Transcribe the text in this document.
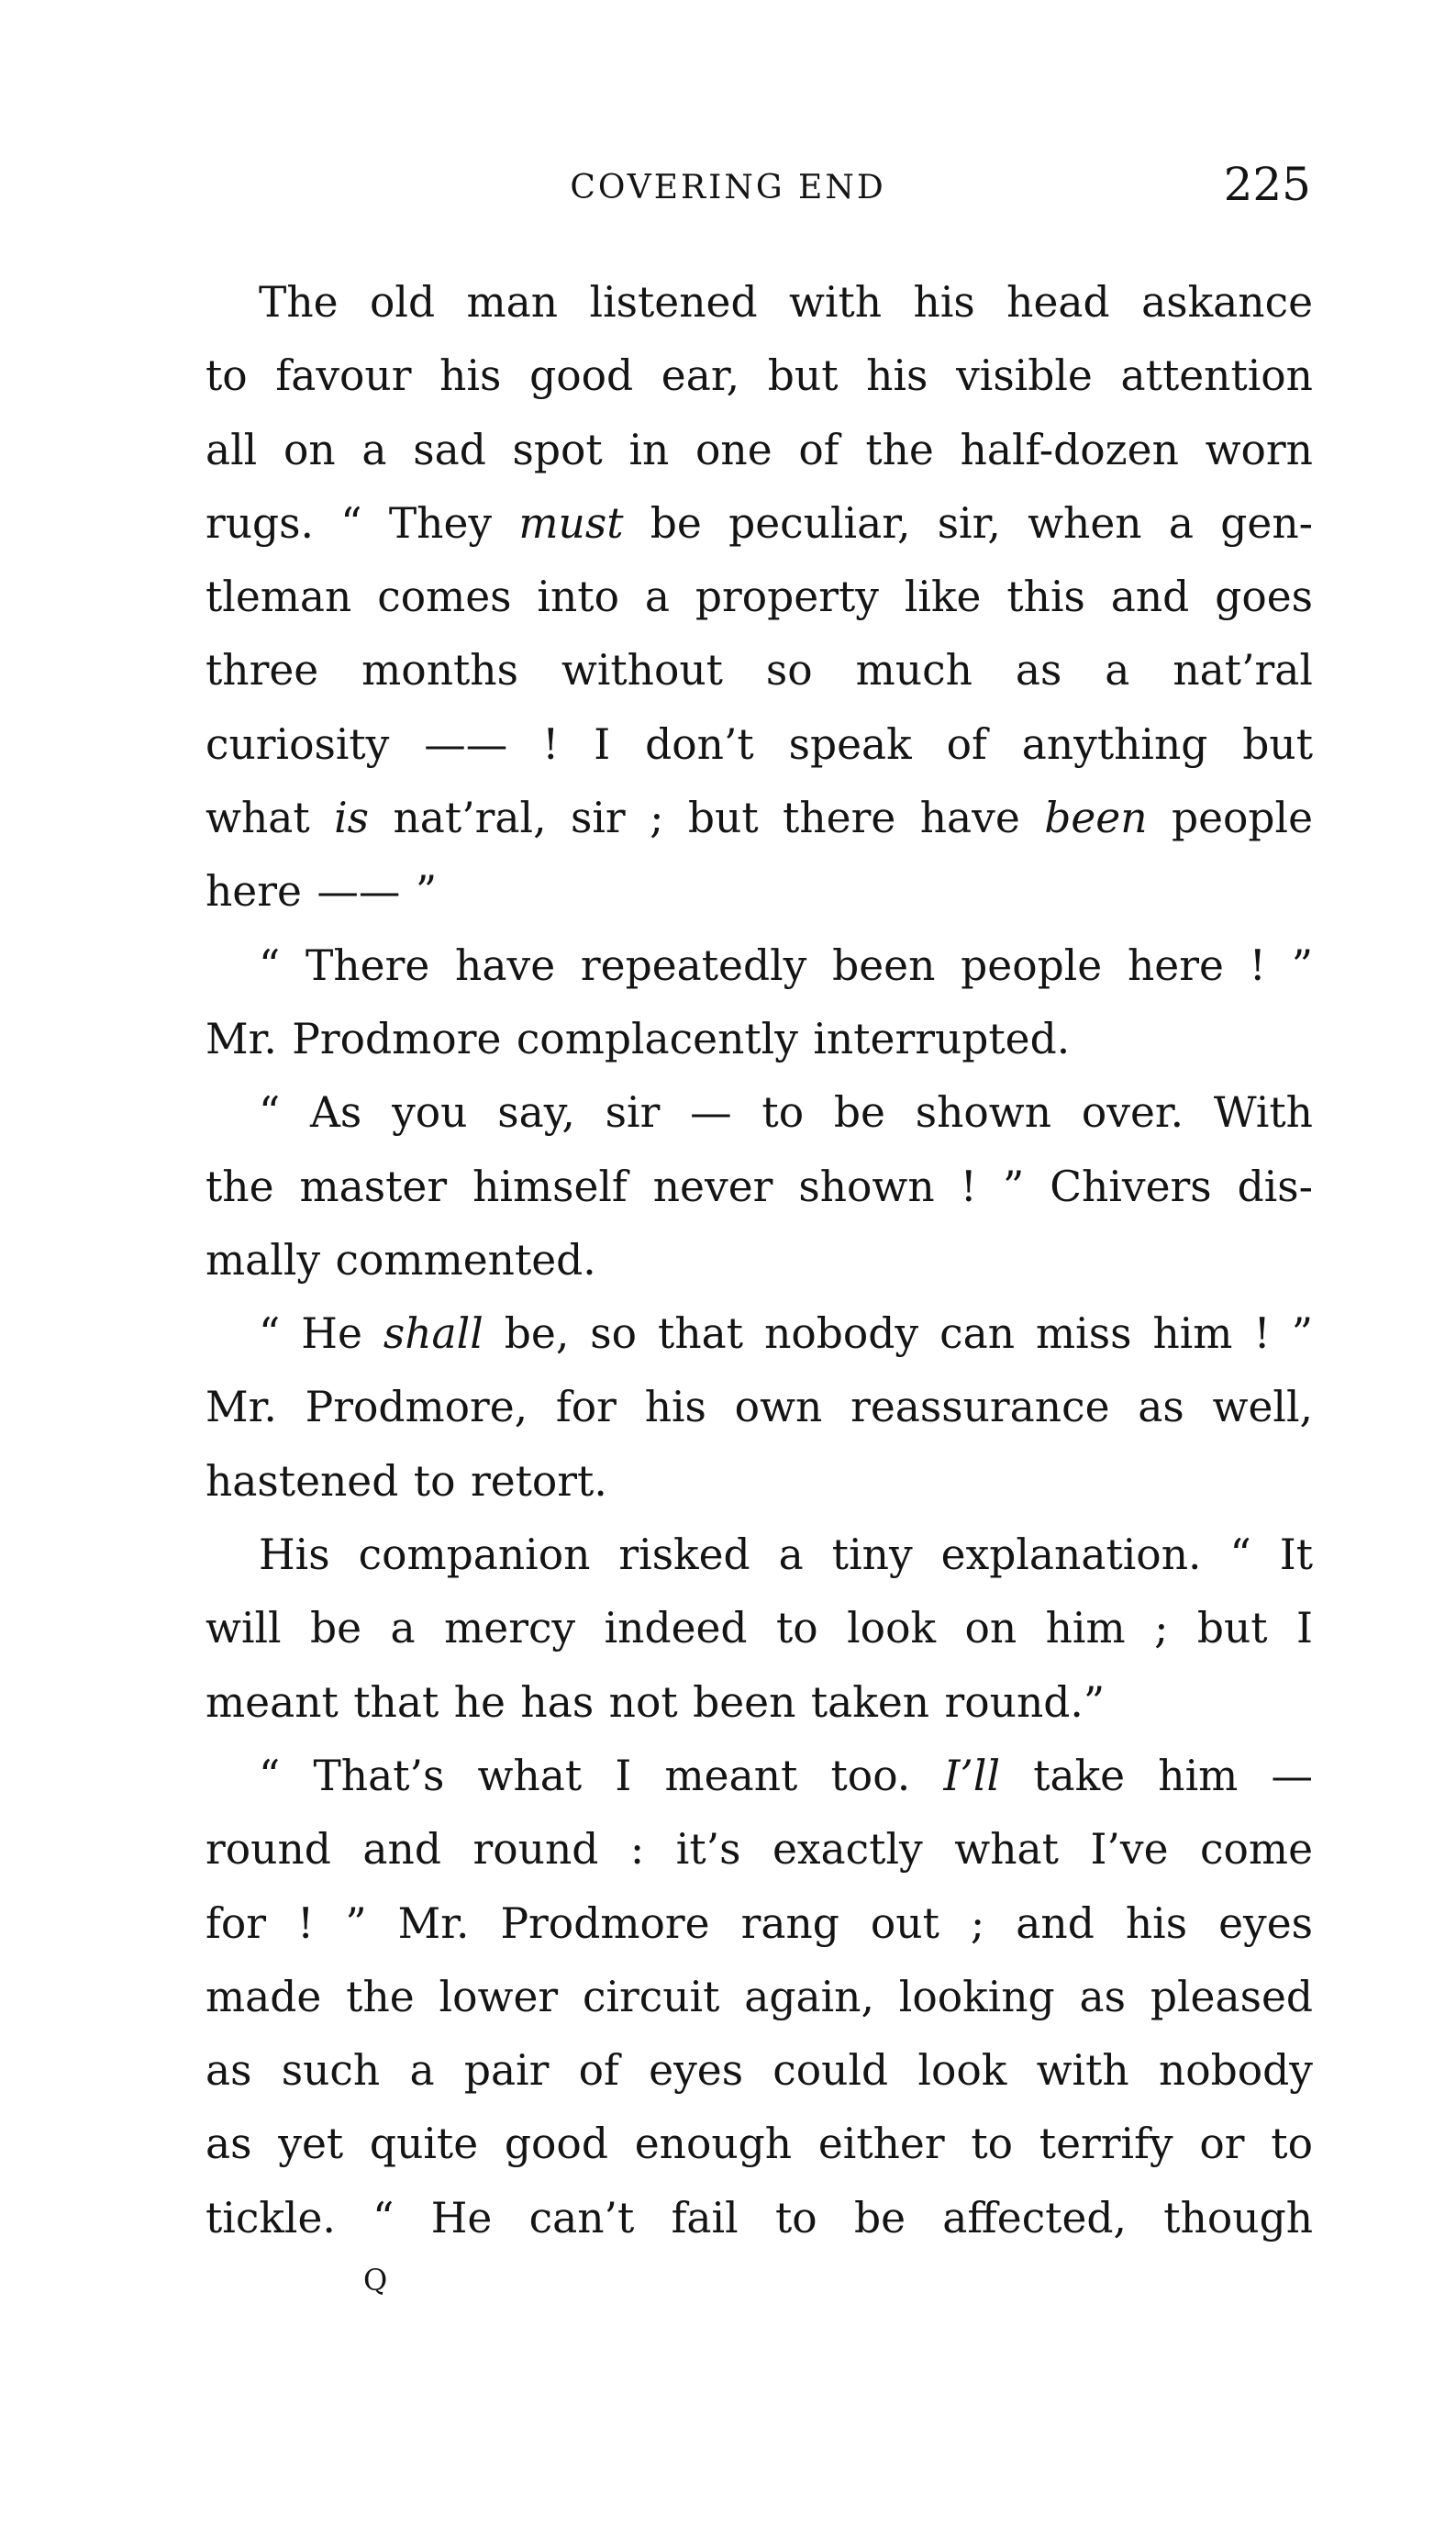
COVERING END	225

The old man listened with his head askance
to favour his good ear, but his visible attention
all on a sad spot in one of the half-dozen worn
rugs. “ They must be peculiar, sir, when a gen-
tleman comes into a property like this and goes
three months without so much as a nat’ral
curiosity —— ! I don’t speak of anything but
what is nat’ral, sir ; but there have been people
here —— ”

“ There have repeatedly been people here ! ”
Mr. Prodmore complacently interrupted.

“ As you say, sir — to be shown over. With
the master himself never shown ! ” Chivers dis-
mally commented.

“ He shall be, so that nobody can miss him ! ”
Mr. Prodmore, for his own reassurance as well,
hastened to retort.

His companion risked a tiny explanation. “ It
will be a mercy indeed to look on him ; but I
meant that he has not been taken round.”

“ That’s what I meant too. I’ll take him —
round and round : it’s exactly what I’ve come
for ! ” Mr. Prodmore rang out ; and his eyes
made the lower circuit again, looking as pleased
as such a pair of eyes could look with nobody
as yet quite good enough either to terrify or to
tickle. “ He can’t fail to be affected, though

Q
